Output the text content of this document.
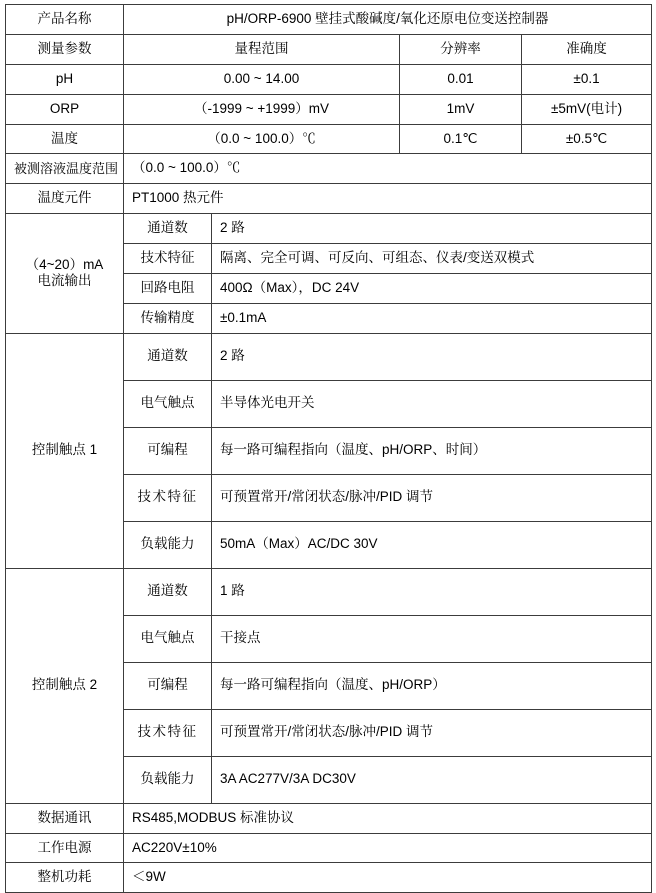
产品名称	pH/ORP-6900 壁挂式酸碱度/氧化还原电位变送控制器			
测量参数	量程范围		分辨率	准确度
pH	0.00 ~ 14.00		0.01	±0.1
ORP	（-1999 ~ +1999）mV		1mV	±5mV(电计)
温度	（0.0 ~ 100.0）℃		0.1℃	±0.5℃
被测溶液温度范围	（0.0 ~ 100.0）℃			
温度元件	PT1000 热元件			

（4~20）mA
电流输出	通道数	2 路		
	技术特征	隔离、完全可调、可反向、可组态、仪表/变送双模式		
	回路电阻	400Ω（Max），DC 24V		
	传输精度	±0.1mA		
控制触点 1	通道数	2 路		
	电气触点	半导体光电开关		
	可编程	每一路可编程指向（温度、pH/ORP、时间）		
	技术特征	可预置常开/常闭状态/脉冲/PID 调节		
	负载能力	50mA（Max）AC/DC 30V		
控制触点 2	通道数	1 路		
	电气触点	干接点		
	可编程	每一路可编程指向（温度、pH/ORP）		
	技术特征	可预置常开/常闭状态/脉冲/PID 调节		
	负载能力	3A AC277V/3A DC30V		
数据通讯	RS485,MODBUS 标准协议			
工作电源	AC220V±10%			
整机功耗	＜9W			
